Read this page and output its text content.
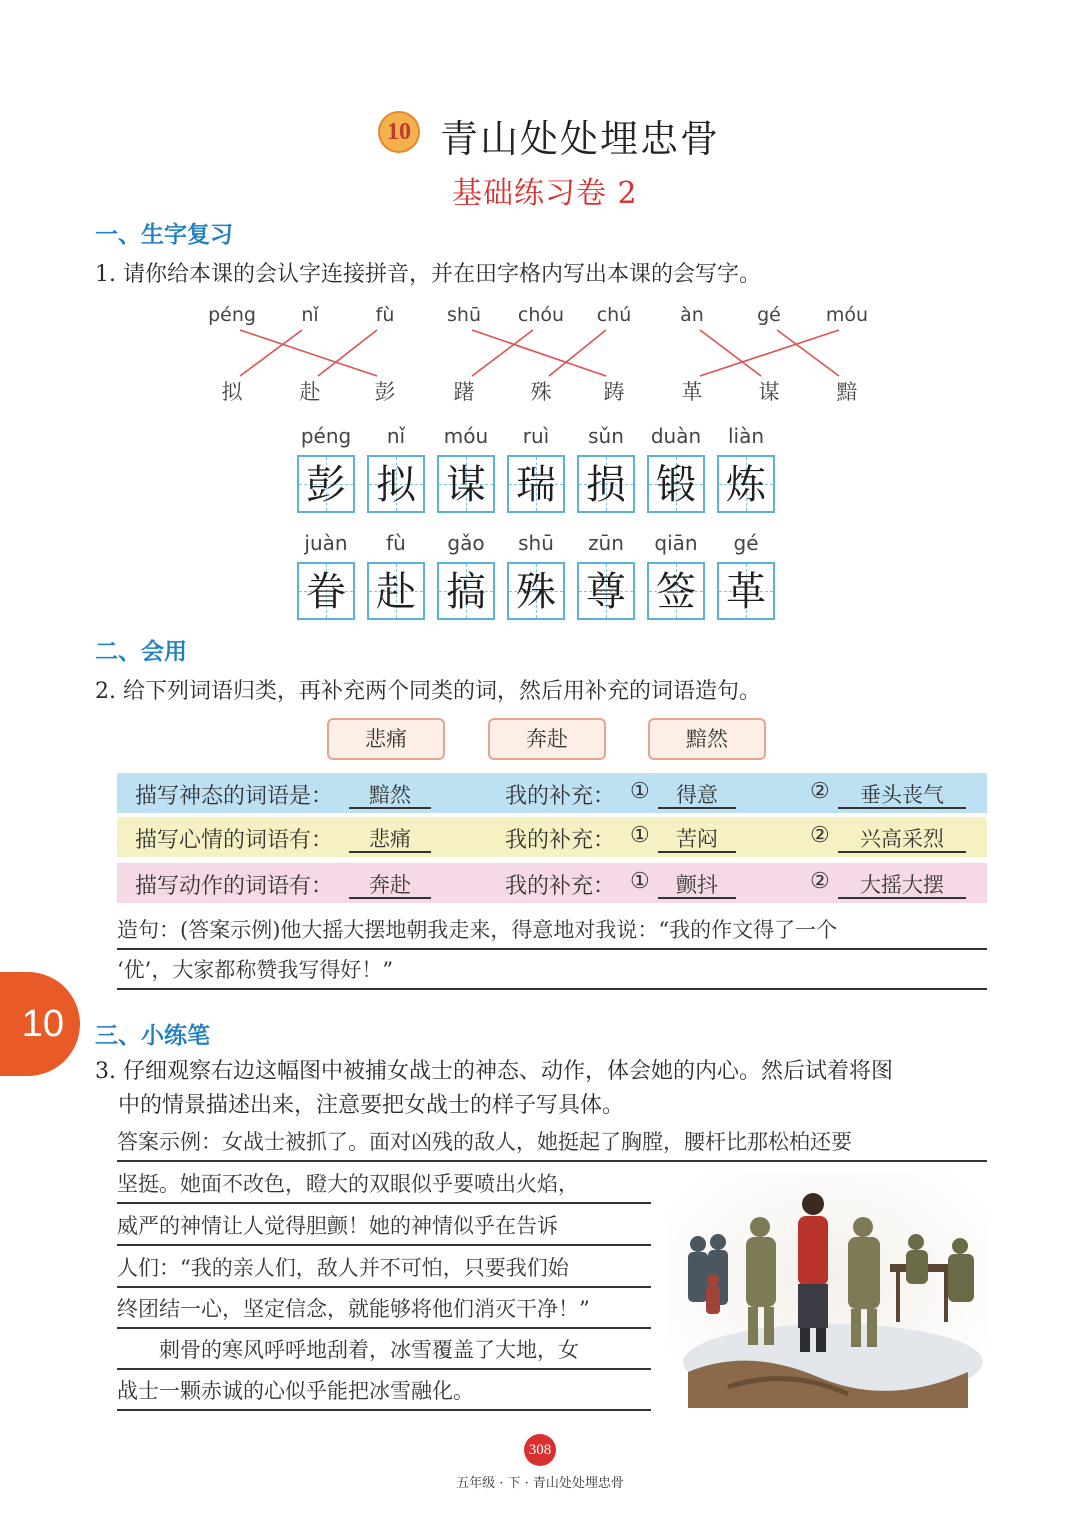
10 青山处处埋忠骨
基础练习卷 2
一、生字复习
1. 请你给本课的会认字连接拼音，并在田字格内写出本课的会写字。
péng	nǐ	fù	shū	chóu	chú	àn	gé	móu
拟	赴	彭	躇	殊	踌	革	谋	黯
péng	nǐ	móu	ruì	sǔn	duàn	liàn
彭 拟 谋 瑞 损 锻 炼
juàn	fù	gǎo	shū	zūn	qiān	gé
眷 赴 搞 殊 尊 签 革
二、会用
2. 给下列词语归类，再补充两个同类的词，然后用补充的词语造句。
悲痛	奔赴	黯然
描写神态的词语是：	黯然	我的补充： ①	得意	②	垂头丧气
描写心情的词语有：	悲痛	我的补充： ①	苦闷	②	兴高采烈
描写动作的词语有：	奔赴	我的补充： ①	颤抖	②	大摇大摆
造句：(答案示例)他大摇大摆地朝我走来，得意地对我说：“我的作文得了一个
‘优’，大家都称赞我写得好！”
10	三、小练笔
3. 仔细观察右边这幅图中被捕女战士的神态、动作，体会她的内心。然后试着将图
中的情景描述出来，注意要把女战士的样子写具体。
答案示例：女战士被抓了。面对凶残的敌人，她挺起了胸膛，腰杆比那松柏还要
坚挺。她面不改色，瞪大的双眼似乎要喷出火焰，
威严的神情让人觉得胆颤！她的神情似乎在告诉
人们：“我的亲人们，敌人并不可怕，只要我们始
终团结一心，坚定信念，就能够将他们消灭干净！”
　　刺骨的寒风呼呼地刮着，冰雪覆盖了大地，女
战士一颗赤诚的心似乎能把冰雪融化。
308
五年级 · 下 · 青山处处埋忠骨
